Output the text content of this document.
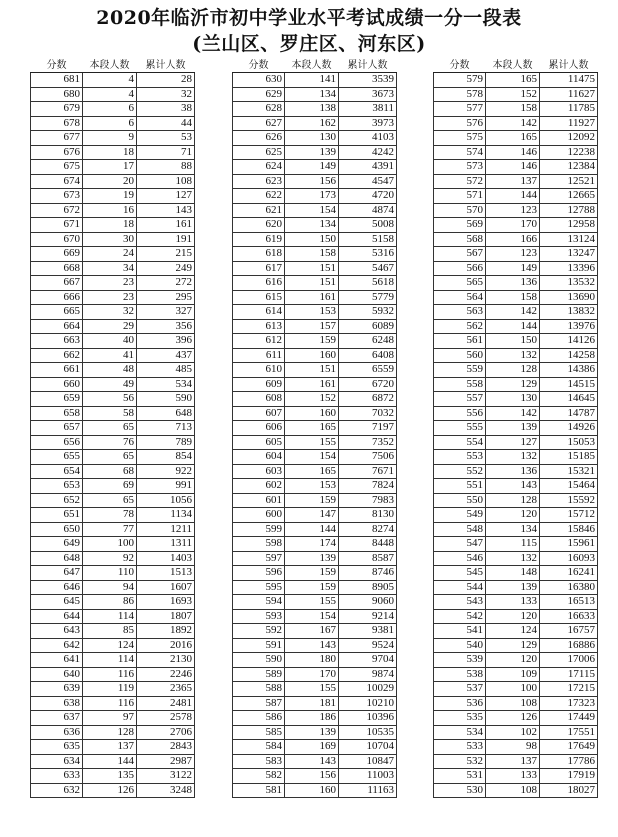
2020年临沂市初中学业水平考试成绩一分一段表
(兰山区、罗庄区、河东区)
分数	本段人数	累计人数
681	4	28
680	4	32
679	6	38
678	6	44
677	9	53
676	18	71
675	17	88
674	20	108
673	19	127
672	16	143
671	18	161
670	30	191
669	24	215
668	34	249
667	23	272
666	23	295
665	32	327
664	29	356
663	40	396
662	41	437
661	48	485
660	49	534
659	56	590
658	58	648
657	65	713
656	76	789
655	65	854
654	68	922
653	69	991
652	65	1056
651	78	1134
650	77	1211
649	100	1311
648	92	1403
647	110	1513
646	94	1607
645	86	1693
644	114	1807
643	85	1892
642	124	2016
641	114	2130
640	116	2246
639	119	2365
638	116	2481
637	97	2578
636	128	2706
635	137	2843
634	144	2987
633	135	3122
632	126	3248
分数	本段人数	累计人数
630	141	3539
629	134	3673
628	138	3811
627	162	3973
626	130	4103
625	139	4242
624	149	4391
623	156	4547
622	173	4720
621	154	4874
620	134	5008
619	150	5158
618	158	5316
617	151	5467
616	151	5618
615	161	5779
614	153	5932
613	157	6089
612	159	6248
611	160	6408
610	151	6559
609	161	6720
608	152	6872
607	160	7032
606	165	7197
605	155	7352
604	154	7506
603	165	7671
602	153	7824
601	159	7983
600	147	8130
599	144	8274
598	174	8448
597	139	8587
596	159	8746
595	159	8905
594	155	9060
593	154	9214
592	167	9381
591	143	9524
590	180	9704
589	170	9874
588	155	10029
587	181	10210
586	186	10396
585	139	10535
584	169	10704
583	143	10847
582	156	11003
581	160	11163
分数	本段人数	累计人数
579	165	11475
578	152	11627
577	158	11785
576	142	11927
575	165	12092
574	146	12238
573	146	12384
572	137	12521
571	144	12665
570	123	12788
569	170	12958
568	166	13124
567	123	13247
566	149	13396
565	136	13532
564	158	13690
563	142	13832
562	144	13976
561	150	14126
560	132	14258
559	128	14386
558	129	14515
557	130	14645
556	142	14787
555	139	14926
554	127	15053
553	132	15185
552	136	15321
551	143	15464
550	128	15592
549	120	15712
548	134	15846
547	115	15961
546	132	16093
545	148	16241
544	139	16380
543	133	16513
542	120	16633
541	124	16757
540	129	16886
539	120	17006
538	109	17115
537	100	17215
536	108	17323
535	126	17449
534	102	17551
533	98	17649
532	137	17786
531	133	17919
530	108	18027
